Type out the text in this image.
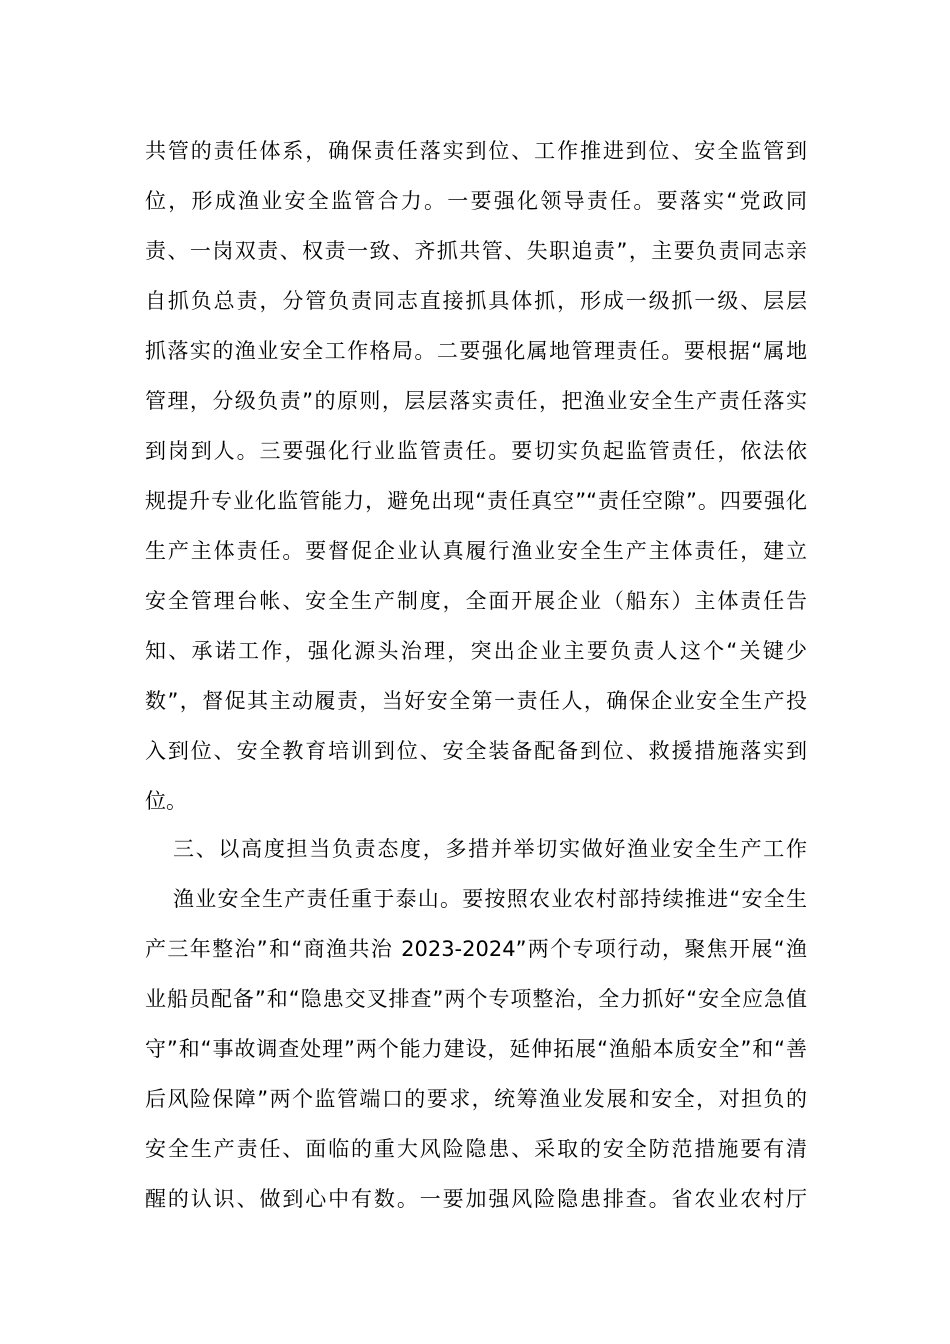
共管的责任体系，确保责任落实到位、工作推进到位、安全监管到
位，形成渔业安全监管合力。一要强化领导责任。要落实“党政同
责、一岗双责、权责一致、齐抓共管、失职追责”，主要负责同志亲
自抓负总责，分管负责同志直接抓具体抓，形成一级抓一级、层层
抓落实的渔业安全工作格局。二要强化属地管理责任。要根据“属地
管理，分级负责”的原则，层层落实责任，把渔业安全生产责任落实
到岗到人。三要强化行业监管责任。要切实负起监管责任，依法依
规提升专业化监管能力，避免出现“责任真空”“责任空隙”。四要强化
生产主体责任。要督促企业认真履行渔业安全生产主体责任，建立
安全管理台帐、安全生产制度，全面开展企业（船东）主体责任告
知、承诺工作，强化源头治理，突出企业主要负责人这个“关键少
数”，督促其主动履责，当好安全第一责任人，确保企业安全生产投
入到位、安全教育培训到位、安全装备配备到位、救援措施落实到
位。
三、以高度担当负责态度，多措并举切实做好渔业安全生产工作
渔业安全生产责任重于泰山。要按照农业农村部持续推进“安全生
产三年整治”和“商渔共治 2023-2024”两个专项行动，聚焦开展“渔
业船员配备”和“隐患交叉排查”两个专项整治，全力抓好“安全应急值
守”和“事故调查处理”两个能力建设，延伸拓展“渔船本质安全”和“善
后风险保障”两个监管端口的要求，统筹渔业发展和安全，对担负的
安全生产责任、面临的重大风险隐患、采取的安全防范措施要有清
醒的认识、做到心中有数。一要加强风险隐患排查。省农业农村厅
